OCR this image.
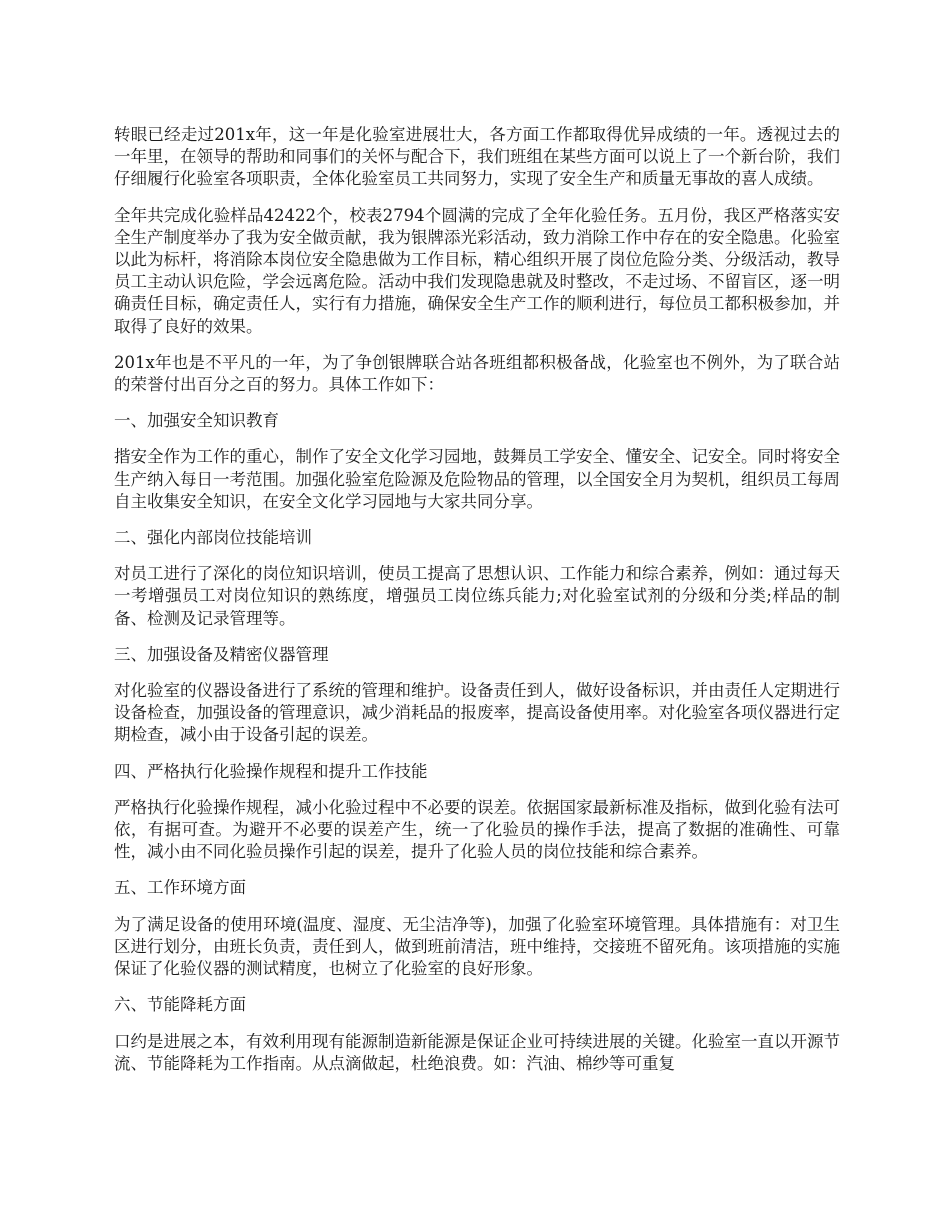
转眼已经走过201x年，这一年是化验室进展壮大，各方面工作都取得优异成绩的一年。透视过去的一年里，在领导的帮助和同事们的关怀与配合下，我们班组在某些方面可以说上了一个新台阶，我们仔细履行化验室各项职责，全体化验室员工共同努力，实现了安全生产和质量无事故的喜人成绩。

全年共完成化验样品42422个，校表2794个圆满的完成了全年化验任务。五月份，我区严格落实安全生产制度举办了我为安全做贡献，我为银牌添光彩活动，致力消除工作中存在的安全隐患。化验室以此为标杆，将消除本岗位安全隐患做为工作目标，精心组织开展了岗位危险分类、分级活动，教导员工主动认识危险，学会远离危险。活动中我们发现隐患就及时整改，不走过场、不留盲区，逐一明确责任目标，确定责任人，实行有力措施，确保安全生产工作的顺利进行，每位员工都积极参加，并取得了良好的效果。

201x年也是不平凡的一年，为了争创银牌联合站各班组都积极备战，化验室也不例外，为了联合站的荣誉付出百分之百的努力。具体工作如下：

一、加强安全知识教育

揩安全作为工作的重心，制作了安全文化学习园地，鼓舞员工学安全、懂安全、记安全。同时将安全生产纳入每日一考范围。加强化验室危险源及危险物品的管理，以全国安全月为契机，组织员工每周自主收集安全知识，在安全文化学习园地与大家共同分享。

二、强化内部岗位技能培训

对员工进行了深化的岗位知识培训，使员工提高了思想认识、工作能力和综合素养，例如：通过每天一考增强员工对岗位知识的熟练度，增强员工岗位练兵能力;对化验室试剂的分级和分类;样品的制备、检测及记录管理等。

三、加强设备及精密仪器管理

对化验室的仪器设备进行了系统的管理和维护。设备责任到人，做好设备标识，并由责任人定期进行设备检查，加强设备的管理意识，减少消耗品的报废率，提高设备使用率。对化验室各项仪器进行定期检查，减小由于设备引起的误差。

四、严格执行化验操作规程和提升工作技能

严格执行化验操作规程，减小化验过程中不必要的误差。依据国家最新标准及指标，做到化验有法可依，有据可查。为避开不必要的误差产生，统一了化验员的操作手法，提高了数据的准确性、可靠性，减小由不同化验员操作引起的误差，提升了化验人员的岗位技能和综合素养。

五、工作环境方面

为了满足设备的使用环境(温度、湿度、无尘洁净等)，加强了化验室环境管理。具体措施有：对卫生区进行划分，由班长负责，责任到人，做到班前清洁，班中维持，交接班不留死角。该项措施的实施保证了化验仪器的测试精度，也树立了化验室的良好形象。

六、节能降耗方面

口约是进展之本，有效利用现有能源制造新能源是保证企业可持续进展的关键。化验室一直以开源节流、节能降耗为工作指南。从点滴做起，杜绝浪费。如：汽油、棉纱等可重复
